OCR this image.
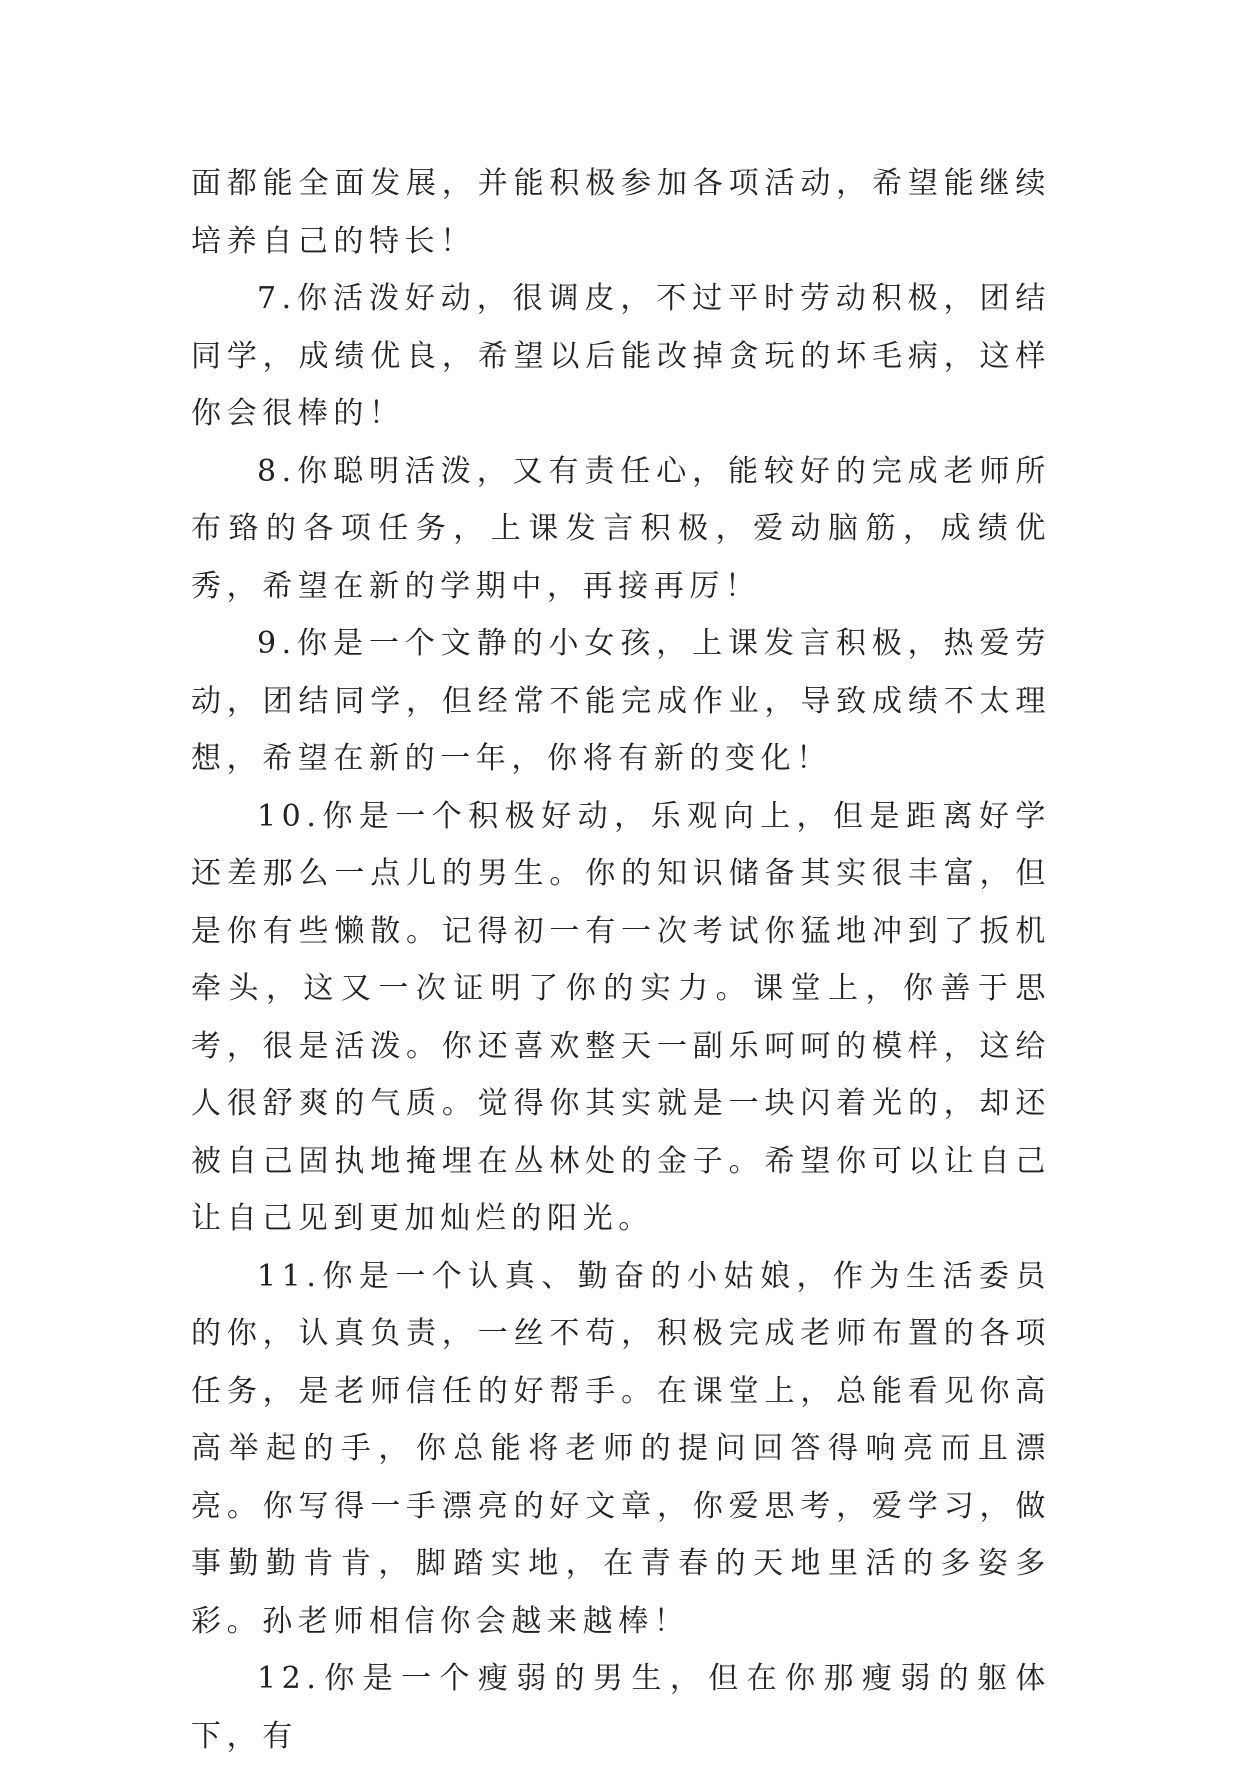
面都能全面发展，并能积极参加各项活动，希望能继续培养自己的特长！

7.你活泼好动，很调皮，不过平时劳动积极，团结同学，成绩优良，希望以后能改掉贪玩的坏毛病，这样你会很棒的！

8.你聪明活泼，又有责任心，能较好的完成老师所布臵的各项任务，上课发言积极，爱动脑筋，成绩优秀，希望在新的学期中，再接再厉！

9.你是一个文静的小女孩，上课发言积极，热爱劳动，团结同学，但经常不能完成作业，导致成绩不太理想，希望在新的一年，你将有新的变化！

10.你是一个积极好动，乐观向上，但是距离好学还差那么一点儿的男生。你的知识储备其实很丰富，但是你有些懒散。记得初一有一次考试你猛地冲到了扳机牵头，这又一次证明了你的实力。课堂上，你善于思考，很是活泼。你还喜欢整天一副乐呵呵的模样，这给人很舒爽的气质。觉得你其实就是一块闪着光的，却还被自己固执地掩埋在丛林处的金子。希望你可以让自己让自己见到更加灿烂的阳光。

11.你是一个认真、勤奋的小姑娘，作为生活委员的你，认真负责，一丝不苟，积极完成老师布置的各项任务，是老师信任的好帮手。在课堂上，总能看见你高高举起的手，你总能将老师的提问回答得响亮而且漂亮。你写得一手漂亮的好文章，你爱思考，爱学习，做事勤勤肯肯，脚踏实地，在青春的天地里活的多姿多彩。孙老师相信你会越来越棒！

12.你是一个瘦弱的男生，但在你那瘦弱的躯体下，有
